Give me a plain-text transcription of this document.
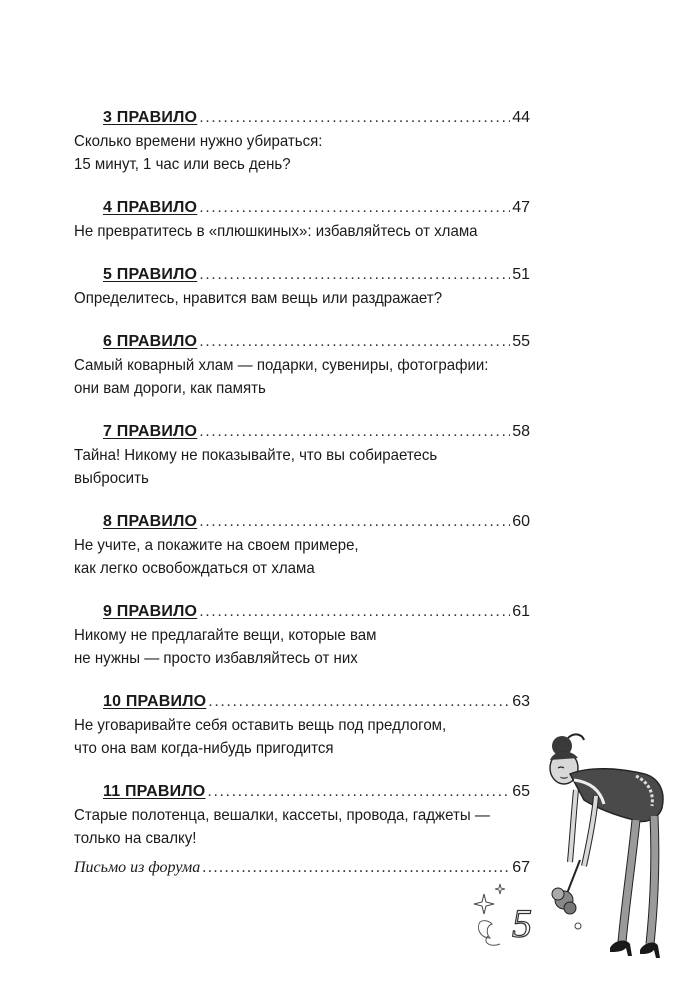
3 ПРАВИЛО .....	44

Сколько времени нужно убираться:

15 минут, 1 час или весь день?

4 ПРАВИЛО .....	47

Не превратитесь в «плюшкиных»: избавляйтесь от хлама

5 ПРАВИЛО .....	51

Определитесь, нравится вам вещь или раздражает?

6 ПРАВИЛО .....	55

Самый коварный хлам — подарки, сувениры, фотографии:

они вам дороги, как память

7 ПРАВИЛО .....	58

Тайна! Никому не показывайте, что вы собираетесь

выбросить

8 ПРАВИЛО .....	60

Не учите, а покажите на своем примере,

как легко освобождаться от хлама

9 ПРАВИЛО .....	61

Никому не предлагайте вещи, которые вам

не нужны — просто избавляйтесь от них

10 ПРАВИЛО .....	63

Не уговаривайте себя оставить вещь под предлогом,

что она вам когда-нибудь пригодится

11 ПРАВИЛО .....	65

Старые полотенца, вешалки, кассеты, провода, гаджеты —

только на свалку!

Письмо из форума .....	67
5
